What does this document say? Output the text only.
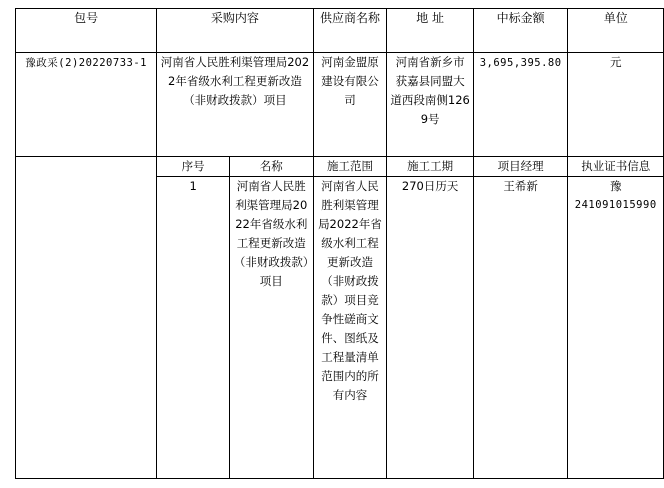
包号	采购内容		供应商名称	地 址	中标金额	单位
豫政采(2)20220733-1	河南省人民胜利渠管理局2022年省级水利工程更新改造（非财政拨款）项目		河南金盟原建设有限公司	河南省新乡市获嘉县同盟大道西段南侧1269号	3,695,395.80	元
	序号	名称	施工范围	施工工期	项目经理	执业证书信息
	1	河南省人民胜利渠管理局2022年省级水利工程更新改造（非财政拨款）项目	河南省人民胜利渠管理局2022年省级水利工程更新改造（非财政拨款）项目竞争性磋商文件、图纸及工程量清单范围内的所有内容	270日历天	王希新	豫
241091015990
